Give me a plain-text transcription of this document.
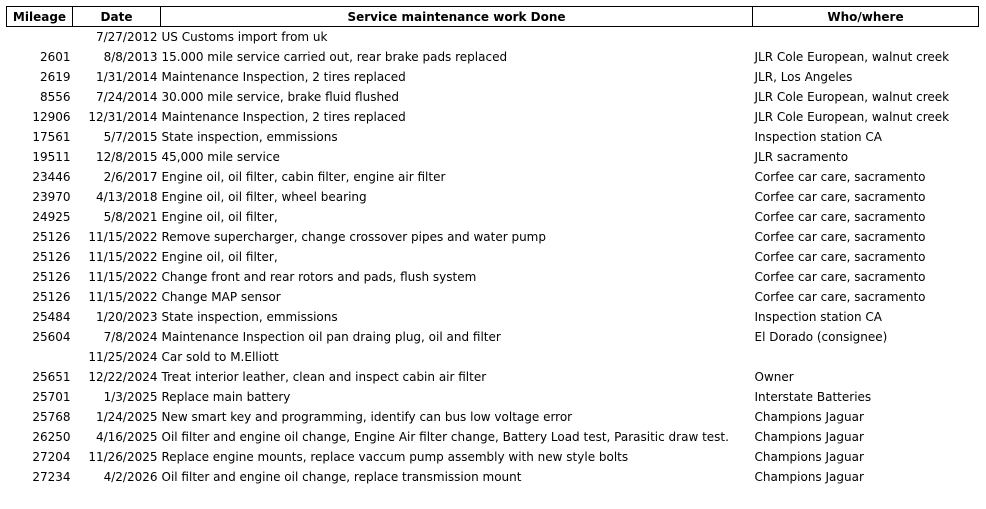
Mileage	Date	Service maintenance work Done	Who/where
	7/27/2012	US Customs import from uk	
2601	8/8/2013	15.000 mile service carried out, rear brake pads replaced	JLR Cole European, walnut creek
2619	1/31/2014	Maintenance Inspection, 2 tires replaced	JLR, Los Angeles
8556	7/24/2014	30.000 mile service, brake fluid flushed	JLR Cole European, walnut creek
12906	12/31/2014	Maintenance Inspection, 2 tires replaced	JLR Cole European, walnut creek
17561	5/7/2015	State inspection, emmissions	Inspection station CA
19511	12/8/2015	45,000 mile service	JLR sacramento
23446	2/6/2017	Engine oil, oil filter, cabin filter, engine air filter	Corfee car care, sacramento
23970	4/13/2018	Engine oil, oil filter, wheel bearing	Corfee car care, sacramento
24925	5/8/2021	Engine oil, oil filter,	Corfee car care, sacramento
25126	11/15/2022	Remove supercharger, change crossover pipes and water pump	Corfee car care, sacramento
25126	11/15/2022	Engine oil, oil filter,	Corfee car care, sacramento
25126	11/15/2022	Change front and rear rotors and pads, flush system	Corfee car care, sacramento
25126	11/15/2022	Change MAP sensor	Corfee car care, sacramento
25484	1/20/2023	State inspection, emmissions	Inspection station CA
25604	7/8/2024	Maintenance Inspection oil pan draing plug, oil and filter	El Dorado (consignee)
	11/25/2024	Car sold to M.Elliott	
25651	12/22/2024	Treat interior leather, clean and inspect cabin air filter	Owner
25701	1/3/2025	Replace main battery	Interstate Batteries
25768	1/24/2025	New smart key and programming, identify can bus low voltage error	Champions Jaguar
26250	4/16/2025	Oil filter and engine oil change, Engine Air filter change, Battery Load test, Parasitic draw test.	Champions Jaguar
27204	11/26/2025	Replace engine mounts, replace vaccum pump assembly with new style bolts	Champions Jaguar
27234	4/2/2026	Oil filter and engine oil change, replace transmission mount	Champions Jaguar
